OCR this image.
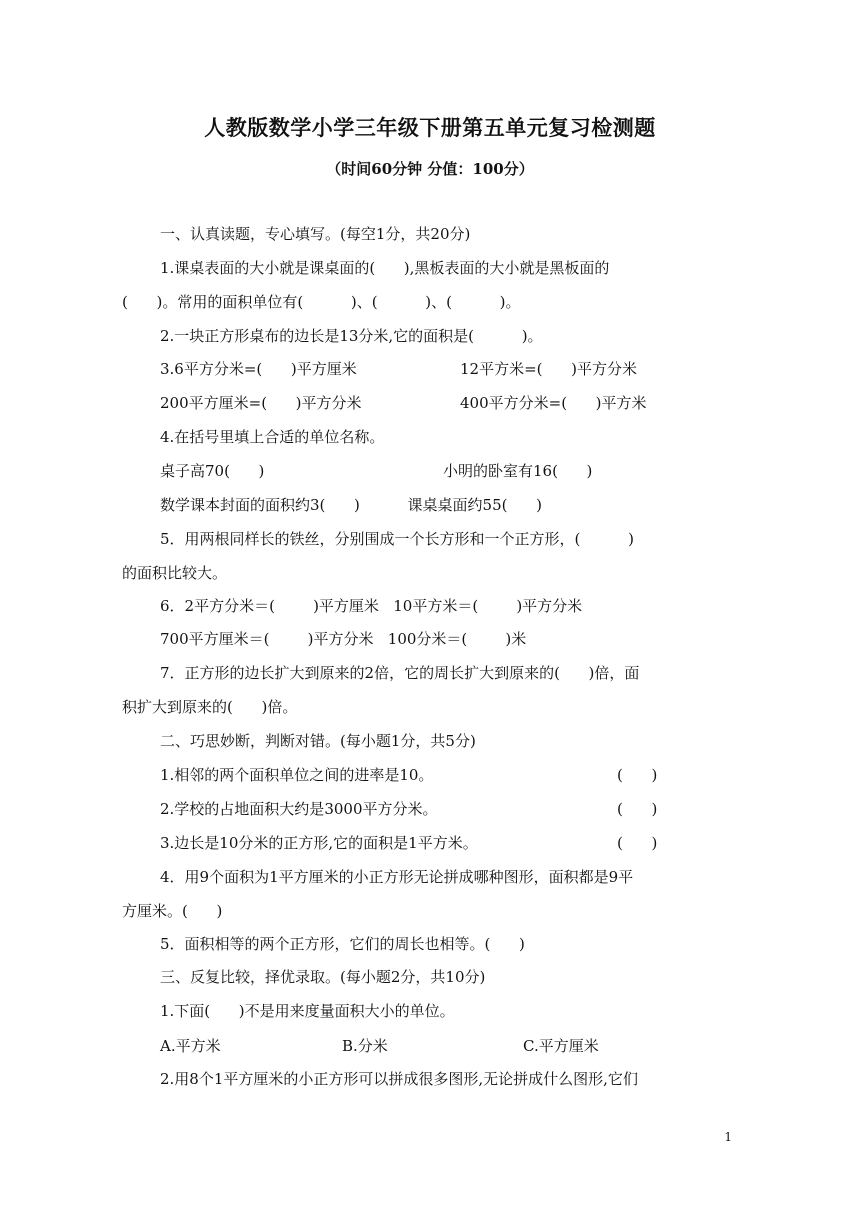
人教版数学小学三年级下册第五单元复习检测题
（时间60分钟 分值：100分）
一、认真读题，专心填写。(每空1分，共20分)
1.课桌表面的大小就是课桌面的(      ),黑板表面的大小就是黑板面的
(      )。常用的面积单位有(          )、(          )、(          )。
2.一块正方形桌布的边长是13分米,它的面积是(          )。
3.6平方分米=(      )平方厘米	12平方米=(      )平方分米
200平方厘米=(      )平方分米	400平方分米=(      )平方米
4.在括号里填上合适的单位名称。
桌子高70(      )	小明的卧室有16(      )
数学课本封面的面积约3(      )          课桌桌面约55(      )
5．用两根同样长的铁丝，分别围成一个长方形和一个正方形，(          )
的面积比较大。
6．2平方分米＝(        )平方厘米   10平方米＝(        )平方分米
700平方厘米＝(        )平方分米   100分米＝(        )米
7．正方形的边长扩大到原来的2倍，它的周长扩大到原来的(      )倍，面
积扩大到原来的(      )倍。
二、巧思妙断，判断对错。(每小题1分，共5分)
1.相邻的两个面积单位之间的进率是10。	(      )
2.学校的占地面积大约是3000平方分米。	(      )
3.边长是10分米的正方形,它的面积是1平方米。	(      )
4．用9个面积为1平方厘米的小正方形无论拼成哪种图形，面积都是9平
方厘米。(      )
5．面积相等的两个正方形，它们的周长也相等。(      )
三、反复比较，择优录取。(每小题2分，共10分)
1.下面(      )不是用来度量面积大小的单位。
A.平方米	B.分米	C.平方厘米
2.用8个1平方厘米的小正方形可以拼成很多图形,无论拼成什么图形,它们
1
